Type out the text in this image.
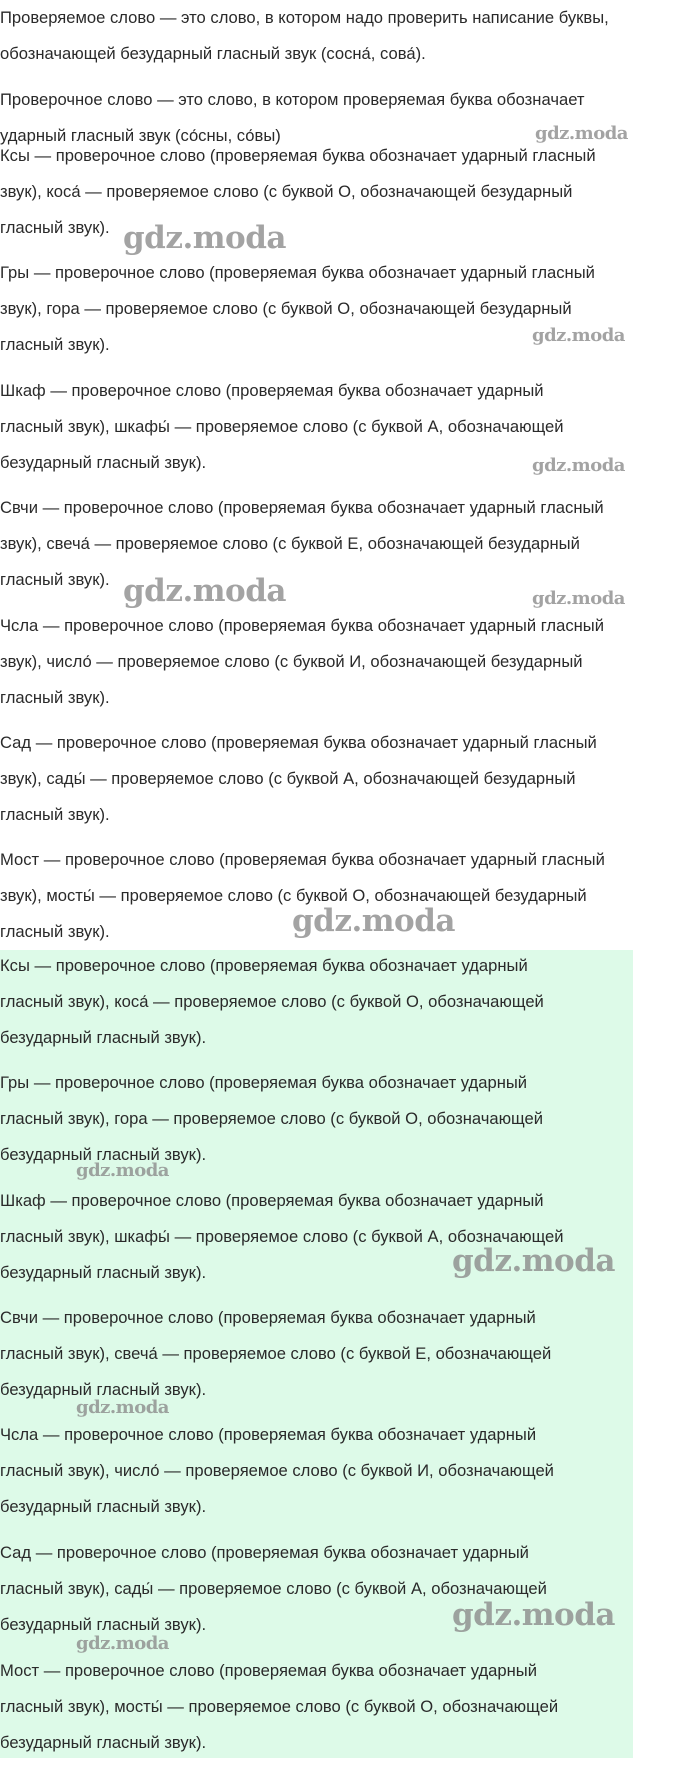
Проверяемое слово — это слово, в котором надо проверить написание буквы,
обозначающей безударный гласный звук (сосна́, сова́).

Проверочное слово — это слово, в котором проверяемая буква обозначает
ударный гласный звук (со́сны, со́вы)

Ксы — проверочное слово (проверяемая буква обозначает ударный гласный
звук), коса́ — проверяемое слово (с буквой О, обозначающей безударный
гласный звук).

Гры — проверочное слово (проверяемая буква обозначает ударный гласный
звук), гора — проверяемое слово (с буквой О, обозначающей безударный
гласный звук).

Шкаф — проверочное слово (проверяемая буква обозначает ударный
гласный звук), шкафы́ — проверяемое слово (с буквой А, обозначающей
безударный гласный звук).

Свчи — проверочное слово (проверяемая буква обозначает ударный гласный
звук), свеча́ — проверяемое слово (с буквой Е, обозначающей безударный
гласный звук).

Чсла — проверочное слово (проверяемая буква обозначает ударный гласный
звук), число́ — проверяемое слово (с буквой И, обозначающей безударный
гласный звук).

Сад — проверочное слово (проверяемая буква обозначает ударный гласный
звук), сады́ — проверяемое слово (с буквой А, обозначающей безударный
гласный звук).

Мост — проверочное слово (проверяемая буква обозначает ударный гласный
звук), мосты́ — проверяемое слово (с буквой О, обозначающей безударный
гласный звук).

Ксы — проверочное слово (проверяемая буква обозначает ударный
гласный звук), коса́ — проверяемое слово (с буквой О, обозначающей
безударный гласный звук).

Гры — проверочное слово (проверяемая буква обозначает ударный
гласный звук), гора — проверяемое слово (с буквой О, обозначающей
безударный гласный звук).

Шкаф — проверочное слово (проверяемая буква обозначает ударный
гласный звук), шкафы́ — проверяемое слово (с буквой А, обозначающей
безударный гласный звук).

Свчи — проверочное слово (проверяемая буква обозначает ударный
гласный звук), свеча́ — проверяемое слово (с буквой Е, обозначающей
безударный гласный звук).

Чсла — проверочное слово (проверяемая буква обозначает ударный
гласный звук), число́ — проверяемое слово (с буквой И, обозначающей
безударный гласный звук).

Сад — проверочное слово (проверяемая буква обозначает ударный
гласный звук), сады́ — проверяемое слово (с буквой А, обозначающей
безударный гласный звук).

Мост — проверочное слово (проверяемая буква обозначает ударный
гласный звук), мосты́ — проверяемое слово (с буквой О, обозначающей
безударный гласный звук).

gdz.moda
gdz.moda
gdz.moda
gdz.moda
gdz.moda	gdz.moda
gdz.moda
gdz.moda
gdz.moda
gdz.moda
gdz.moda
gdz.moda
